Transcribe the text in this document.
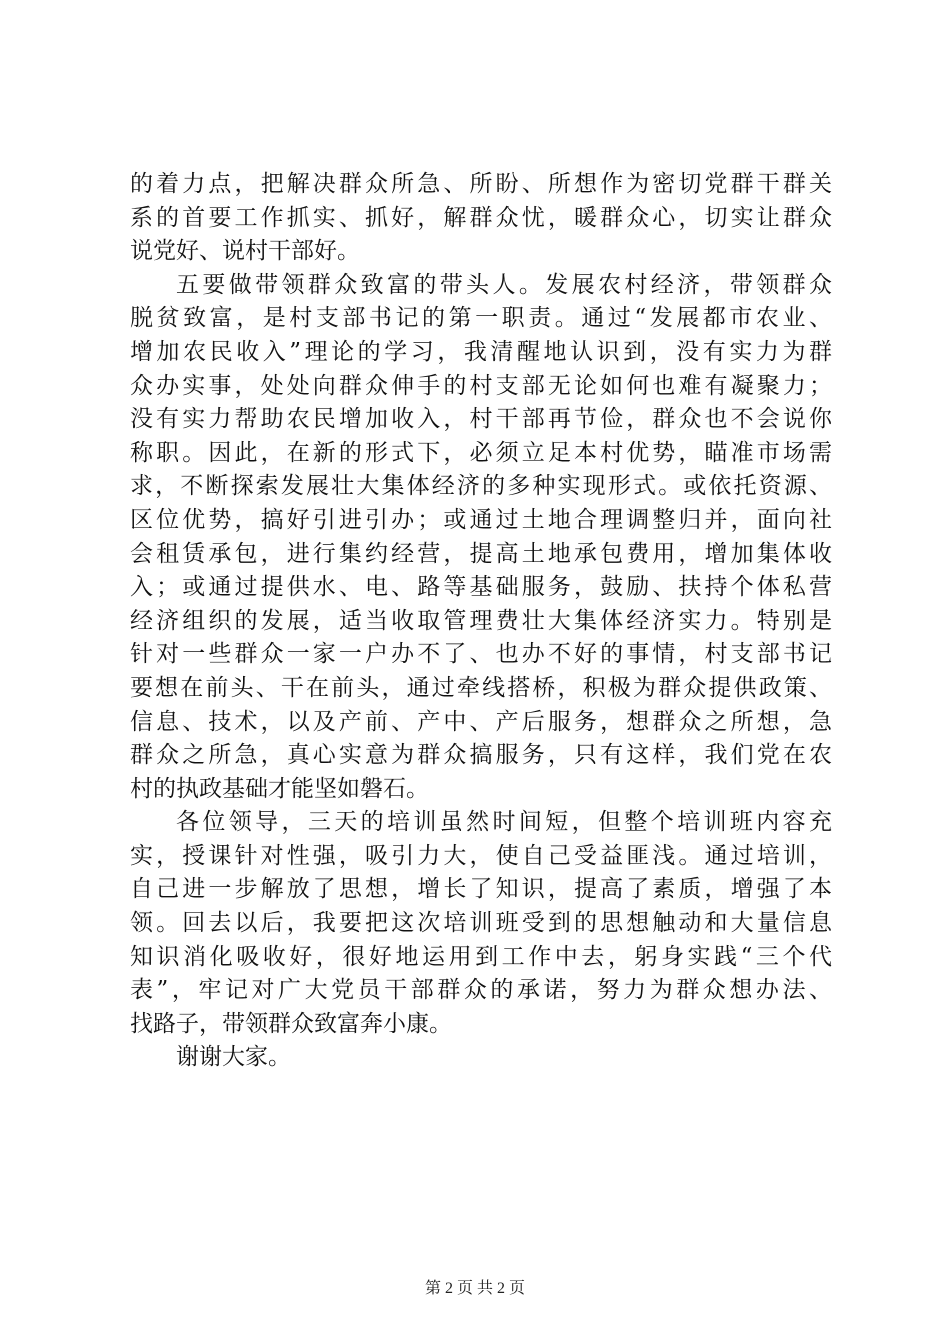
的着力点，把解决群众所急、所盼、所想作为密切党群干群关
系的首要工作抓实、抓好，解群众忧，暖群众心，切实让群众
说党好、说村干部好。
五要做带领群众致富的带头人。发展农村经济，带领群众
脱贫致富，是村支部书记的第一职责。通过“发展都市农业、
增加农民收入”理论的学习，我清醒地认识到，没有实力为群
众办实事，处处向群众伸手的村支部无论如何也难有凝聚力；
没有实力帮助农民增加收入，村干部再节俭，群众也不会说你
称职。因此，在新的形式下，必须立足本村优势，瞄准市场需
求，不断探索发展壮大集体经济的多种实现形式。或依托资源、
区位优势，搞好引进引办；或通过土地合理调整归并，面向社
会租赁承包，进行集约经营，提高土地承包费用，增加集体收
入；或通过提供水、电、路等基础服务，鼓励、扶持个体私营
经济组织的发展，适当收取管理费壮大集体经济实力。特别是
针对一些群众一家一户办不了、也办不好的事情，村支部书记
要想在前头、干在前头，通过牵线搭桥，积极为群众提供政策、
信息、技术，以及产前、产中、产后服务，想群众之所想，急
群众之所急，真心实意为群众搞服务，只有这样，我们党在农
村的执政基础才能坚如磐石。
各位领导，三天的培训虽然时间短，但整个培训班内容充
实，授课针对性强，吸引力大，使自己受益匪浅。通过培训，
自己进一步解放了思想，增长了知识，提高了素质，增强了本
领。回去以后，我要把这次培训班受到的思想触动和大量信息
知识消化吸收好，很好地运用到工作中去，躬身实践“三个代
表”，牢记对广大党员干部群众的承诺，努力为群众想办法、
找路子，带领群众致富奔小康。
谢谢大家。
第 2 页 共 2 页
